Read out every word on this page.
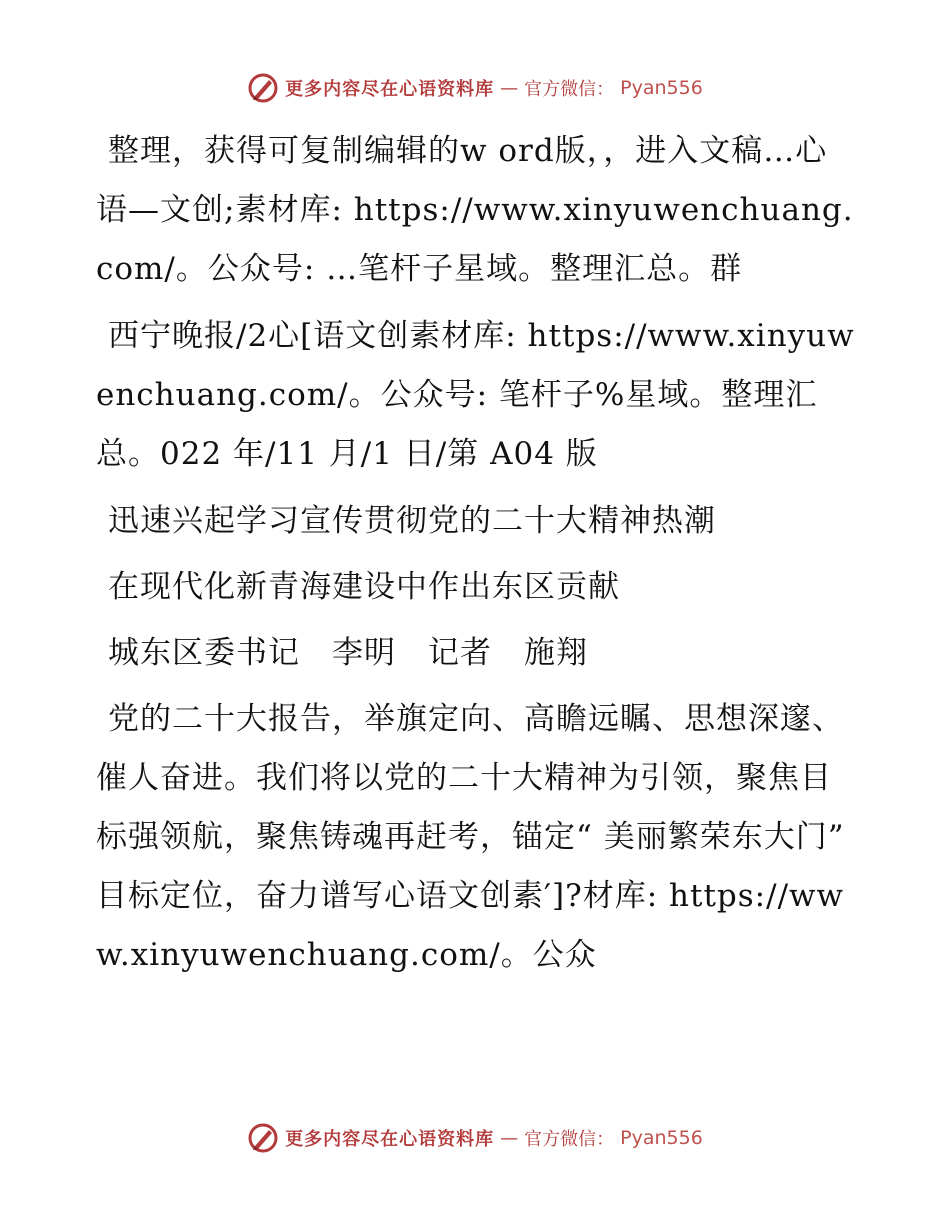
更多内容尽在心语资料库 — 官方微信： Pyan556

整理，获得可复制编辑的w ord版，，进入文稿…心语—文创;素材库: https://www.xinyuwenchuang.com/。公众号: …笔杆子星域。整理汇总。群

西宁晚报/2心[语文创素材库: https://www.xinyuwenchuang.com/。公众号: 笔杆子%星域。整理汇总。022 年/11 月/1 日/第 A04 版

迅速兴起学习宣传贯彻党的二十大精神热潮

在现代化新青海建设中作出东区贡献

城东区委书记　李明　记者　施翔

党的二十大报告，举旗定向、高瞻远瞩、思想深邃、催人奋进。我们将以党的二十大精神为引领，聚焦目标强领航，聚焦铸魂再赶考，锚定“ 美丽繁荣东大门” 目标定位，奋力谱写心语文创素′]?材库: https://www.xinyuwenchuang.com/。公众

更多内容尽在心语资料库 — 官方微信： Pyan556
